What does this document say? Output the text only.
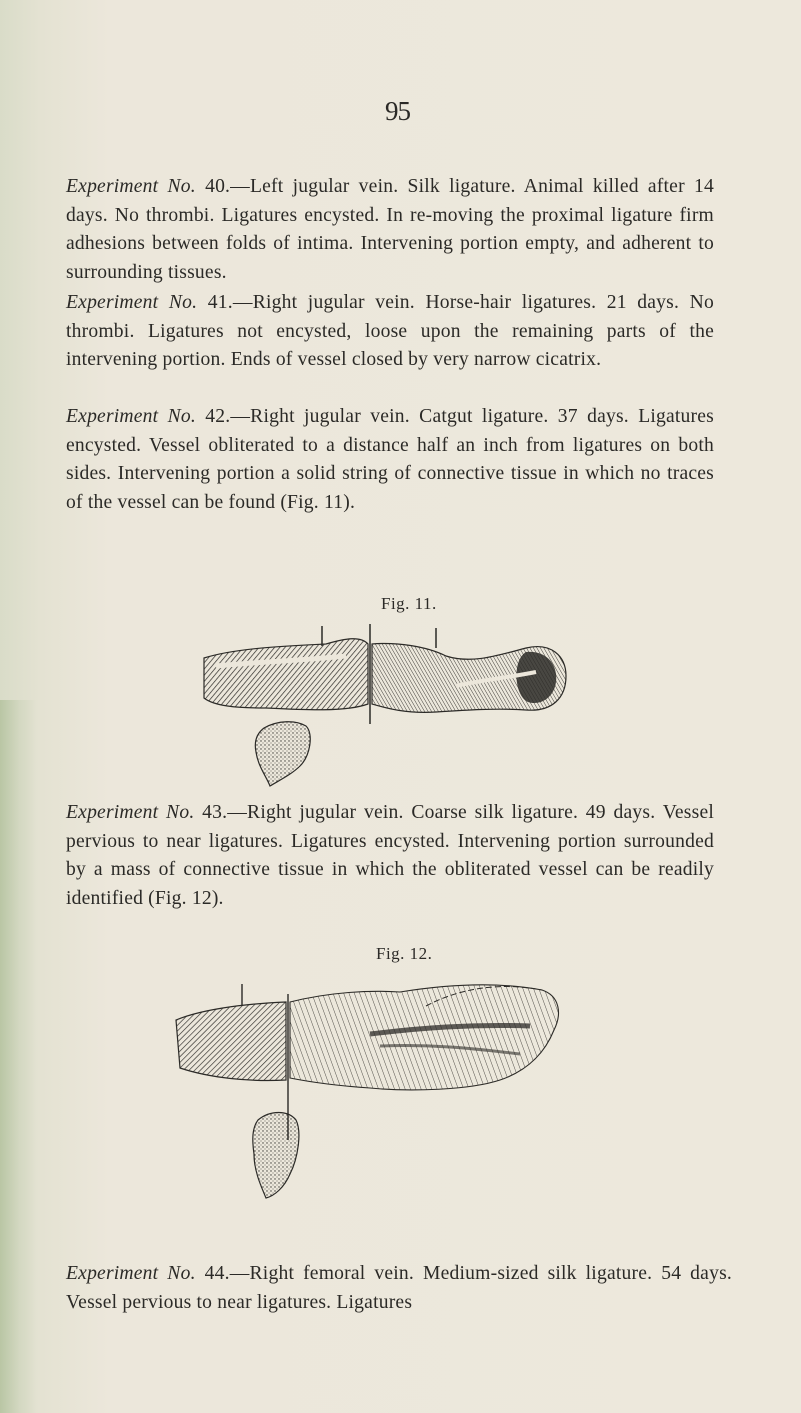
95

Experiment No. 40.—Left jugular vein. Silk ligature. Animal killed after 14 days. No thrombi. Ligatures encysted. In re-moving the proximal ligature firm adhesions between folds of intima. Intervening portion empty, and adherent to surrounding tissues.

Experiment No. 41.—Right jugular vein. Horse-hair ligatures. 21 days. No thrombi. Ligatures not encysted, loose upon the remaining parts of the intervening portion. Ends of vessel closed by very narrow cicatrix.

Experiment No. 42.—Right jugular vein. Catgut ligature. 37 days. Ligatures encysted. Vessel obliterated to a distance half an inch from ligatures on both sides. Intervening portion a solid string of connective tissue in which no traces of the vessel can be found (Fig. 11).

Fig. 11.

Experiment No. 43.—Right jugular vein. Coarse silk ligature. 49 days. Vessel pervious to near ligatures. Ligatures encysted. Intervening portion surrounded by a mass of connective tissue in which the obliterated vessel can be readily identified (Fig. 12).

Fig. 12.

Experiment No. 44.—Right femoral vein. Medium-sized silk ligature. 54 days. Vessel pervious to near ligatures. Ligatures
